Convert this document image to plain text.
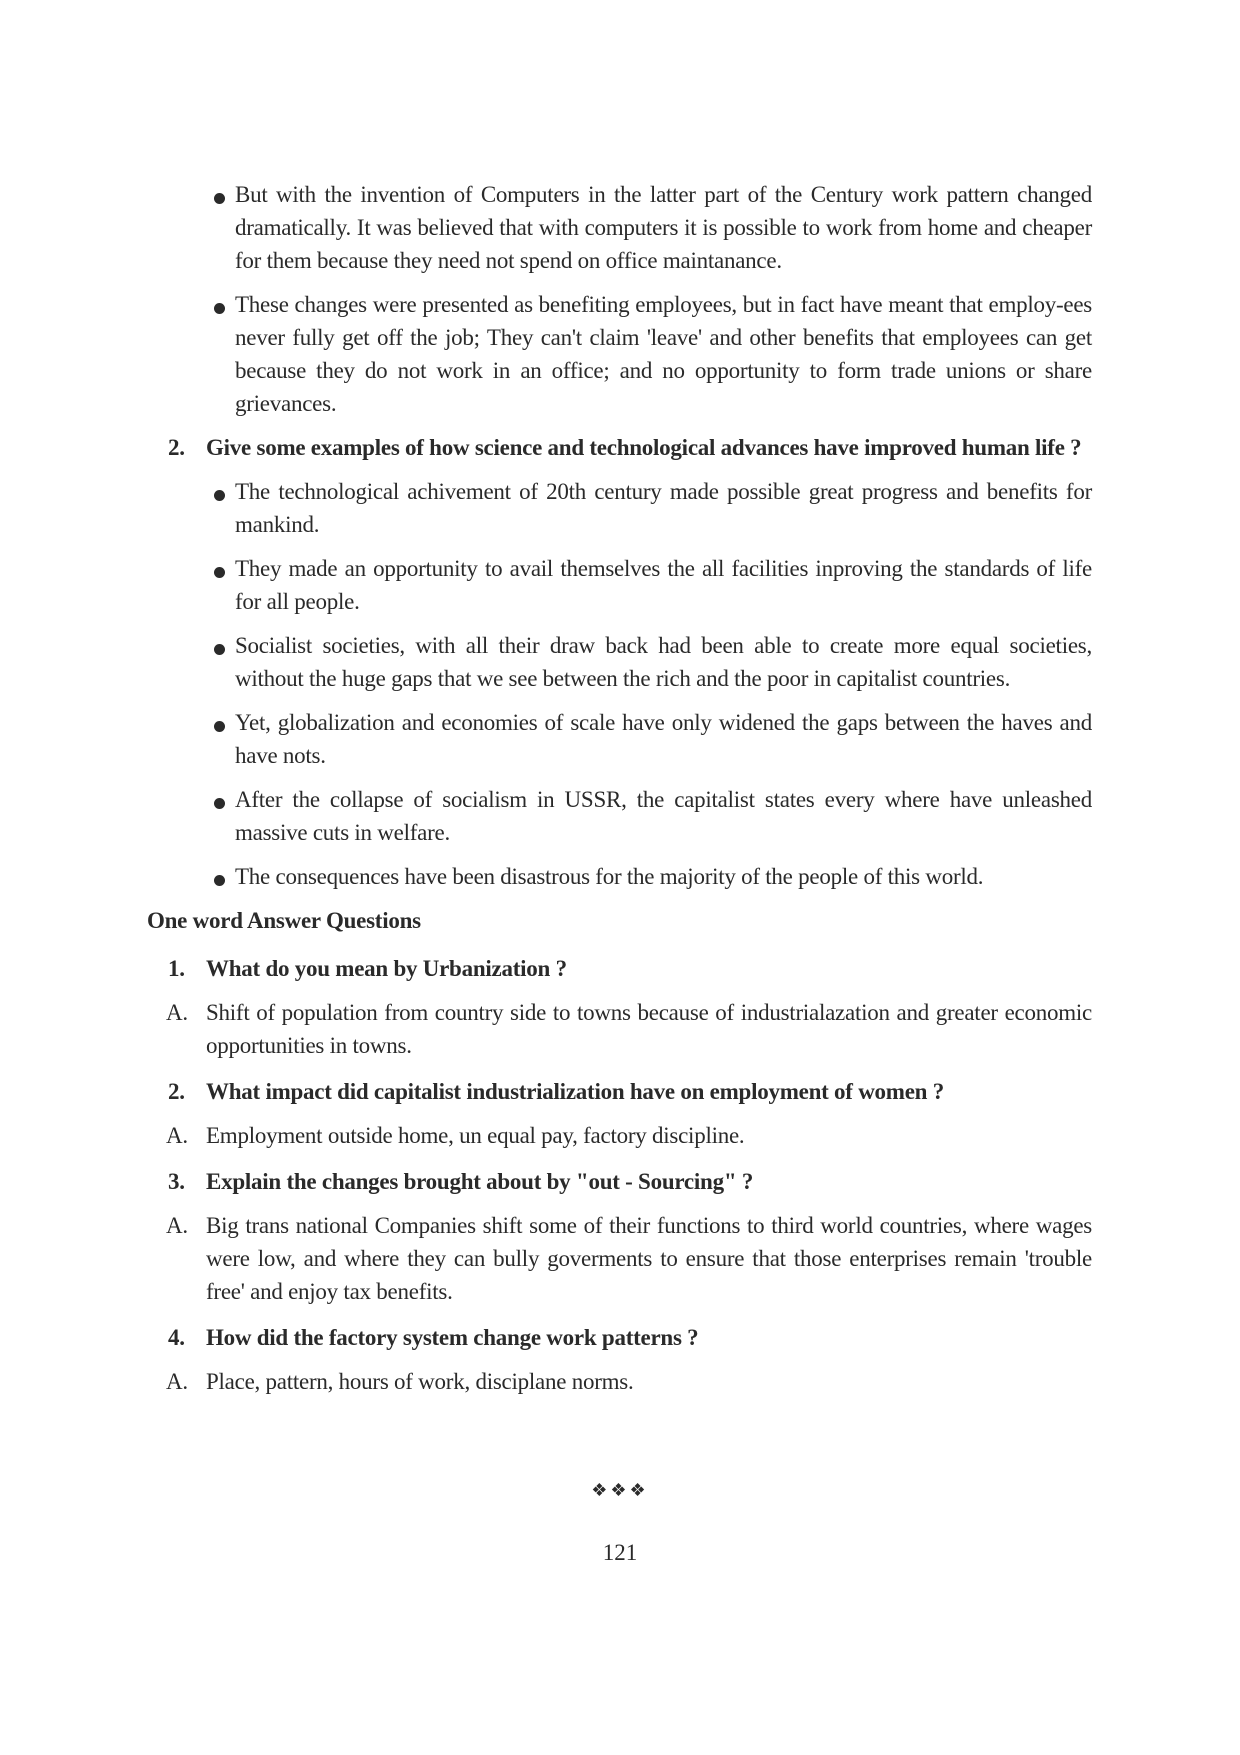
But with the invention of Computers in the latter part of the Century work pattern changed dramatically. It was believed that with computers it is possible to work from home and cheaper for them because they need not spend on office maintanance.
These changes were presented as benefiting employees, but in fact have meant that employ-ees never fully get off the job; They can't claim 'leave' and other benefits that employees can get because they do not work in an office; and no opportunity to form trade unions or share grievances.
2. Give some examples of how science and technological advances have improved human life ?
The technological achivement of 20th century made possible great progress and benefits for mankind.
They made an opportunity to avail themselves the all facilities inproving the standards of life for all people.
Socialist societies, with all their draw back had been able to create more equal societies, without the huge gaps that we see between the rich and the poor in capitalist countries.
Yet, globalization and economies of scale have only widened the gaps between the haves and have nots.
After the collapse of socialism in USSR, the capitalist states every where have unleashed massive cuts in welfare.
The consequences have been disastrous for the majority of the people of this world.
One word Answer Questions
1. What do you mean by Urbanization ?
A. Shift of population from country side to towns because of industrialazation and greater economic opportunities in towns.
2. What impact did capitalist industrialization have on employment of women ?
A. Employment outside home, un equal pay, factory discipline.
3. Explain the changes brought about by "out - Sourcing" ?
A. Big trans national Companies shift some of their functions to third world countries, where wages were low, and where they can bully goverments to ensure that those enterprises remain 'trouble free' and enjoy tax benefits.
4. How did the factory system change work patterns ?
A. Place, pattern, hours of work, disciplane norms.
❖❖❖
121
